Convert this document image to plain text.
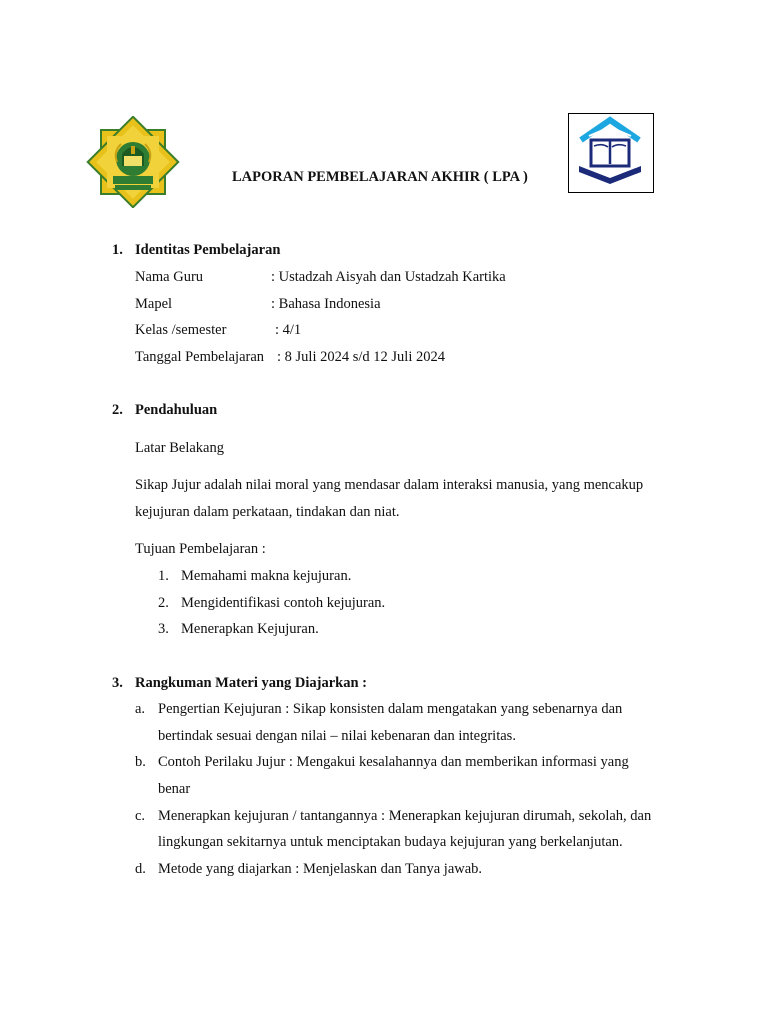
LAPORAN PEMBELAJARAN AKHIR ( LPA )
1. Identitas Pembelajaran
Nama Guru	: Ustadzah Aisyah dan Ustadzah Kartika
Mapel	: Bahasa Indonesia
Kelas /semester	: 4/1
Tanggal Pembelajaran : 8 Juli 2024 s/d 12 Juli 2024
2. Pendahuluan
Latar Belakang
Sikap Jujur adalah nilai moral yang mendasar dalam interaksi manusia, yang mencakup
kejujuran dalam perkataan, tindakan dan niat.
Tujuan Pembelajaran :
1. Memahami makna kejujuran.
2. Mengidentifikasi contoh kejujuran.
3. Menerapkan Kejujuran.
3. Rangkuman Materi yang Diajarkan :
a. Pengertian Kejujuran : Sikap konsisten dalam mengatakan yang sebenarnya dan
bertindak sesuai dengan nilai – nilai kebenaran dan integritas.
b. Contoh Perilaku Jujur : Mengakui kesalahannya dan memberikan informasi yang
benar
c. Menerapkan kejujuran / tantangannya : Menerapkan kejujuran dirumah, sekolah, dan
lingkungan sekitarnya untuk menciptakan budaya kejujuran yang berkelanjutan.
d. Metode yang diajarkan : Menjelaskan dan Tanya jawab.
